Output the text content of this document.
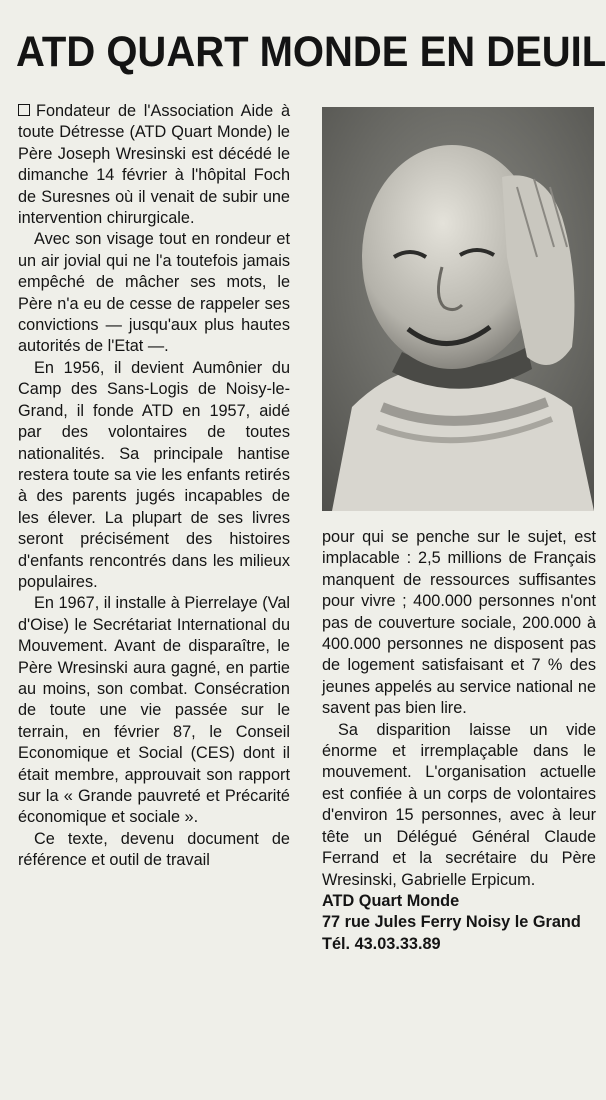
ATD QUART MONDE EN DEUIL

Fondateur de l'Association Aide à toute Détresse (ATD Quart Monde) le Père Joseph Wresinski est décédé le dimanche 14 février à l'hôpital Foch de Suresnes où il venait de subir une intervention chirurgicale.

Avec son visage tout en rondeur et un air jovial qui ne l'a toutefois jamais empêché de mâcher ses mots, le Père n'a eu de cesse de rappeler ses convictions — jusqu'aux plus hautes autorités de l'Etat —.

En 1956, il devient Aumônier du Camp des Sans-Logis de Noisy-le-Grand, il fonde ATD en 1957, aidé par des volontaires de toutes nationalités. Sa principale hantise restera toute sa vie les enfants retirés à des parents jugés incapables de les élever. La plupart de ses livres seront précisément des histoires d'enfants rencontrés dans les milieux populaires.

En 1967, il installe à Pierrelaye (Val d'Oise) le Secrétariat International du Mouvement. Avant de disparaître, le Père Wresinski aura gagné, en partie au moins, son combat. Consécration de toute une vie passée sur le terrain, en février 87, le Conseil Economique et Social (CES) dont il était membre, approuvait son rapport sur la « Grande pauvreté et Précarité économique et sociale ».

Ce texte, devenu document de référence et outil de travail

pour qui se penche sur le sujet, est implacable : 2,5 millions de Français manquent de ressources suffisantes pour vivre ; 400.000 personnes n'ont pas de couverture sociale, 200.000 à 400.000 personnes ne disposent pas de logement satisfaisant et 7 % des jeunes appelés au service national ne savent pas bien lire.

Sa disparition laisse un vide énorme et irremplaçable dans le mouvement. L'organisation actuelle est confiée à un corps de volontaires d'environ 15 personnes, avec à leur tête un Délégué Général Claude Ferrand et la secrétaire du Père Wresinski, Gabrielle Erpicum.

ATD Quart Monde

77 rue Jules Ferry Noisy le Grand

Tél. 43.03.33.89
